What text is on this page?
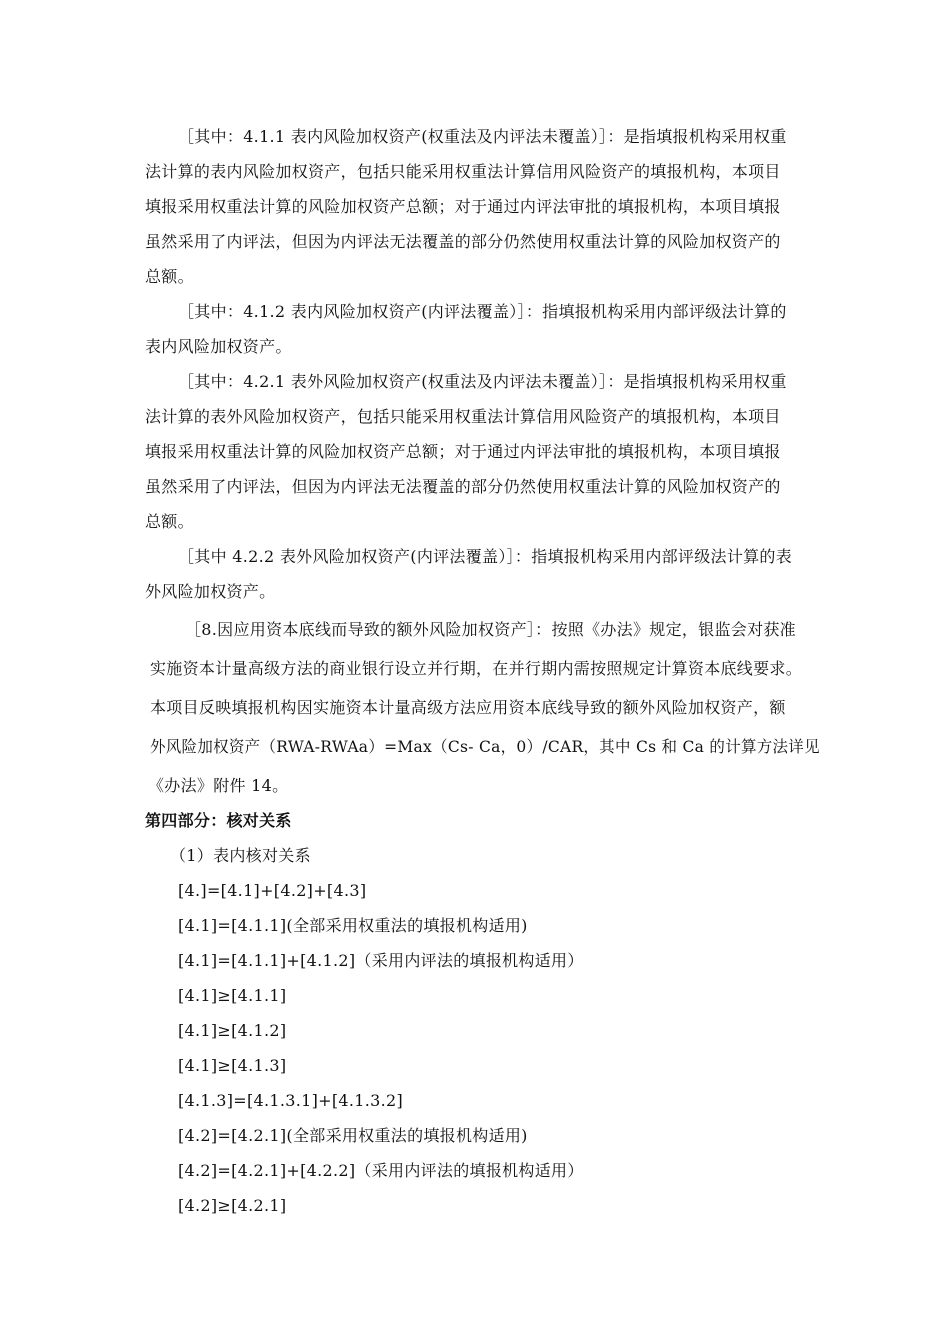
［其中：4.1.1 表内风险加权资产(权重法及内评法未覆盖）］：是指填报机构采用权重
法计算的表内风险加权资产，包括只能采用权重法计算信用风险资产的填报机构，本项目
填报采用权重法计算的风险加权资产总额；对于通过内评法审批的填报机构，本项目填报
虽然采用了内评法，但因为内评法无法覆盖的部分仍然使用权重法计算的风险加权资产的
总额。
［其中：4.1.2 表内风险加权资产(内评法覆盖）］：指填报机构采用内部评级法计算的
表内风险加权资产。
［其中：4.2.1 表外风险加权资产(权重法及内评法未覆盖）］：是指填报机构采用权重
法计算的表外风险加权资产，包括只能采用权重法计算信用风险资产的填报机构，本项目
填报采用权重法计算的风险加权资产总额；对于通过内评法审批的填报机构，本项目填报
虽然采用了内评法，但因为内评法无法覆盖的部分仍然使用权重法计算的风险加权资产的
总额。
［其中 4.2.2 表外风险加权资产(内评法覆盖）］：指填报机构采用内部评级法计算的表
外风险加权资产。
［8.因应用资本底线而导致的额外风险加权资产］：按照《办法》规定，银监会对获准
实施资本计量高级方法的商业银行设立并行期，在并行期内需按照规定计算资本底线要求。
本项目反映填报机构因实施资本计量高级方法应用资本底线导致的额外风险加权资产，额
外风险加权资产（RWA-RWAa）=Max（Cs- Ca，0）/CAR，其中 Cs 和 Ca 的计算方法详见
《办法》附件 14。
第四部分：核对关系
（1）表内核对关系
[4.]=[4.1]+[4.2]+[4.3]
[4.1]=[4.1.1](全部采用权重法的填报机构适用)
[4.1]=[4.1.1]+[4.1.2]（采用内评法的填报机构适用）
[4.1]≥[4.1.1]
[4.1]≥[4.1.2]
[4.1]≥[4.1.3]
[4.1.3]=[4.1.3.1]+[4.1.3.2]
[4.2]=[4.2.1](全部采用权重法的填报机构适用)
[4.2]=[4.2.1]+[4.2.2]（采用内评法的填报机构适用）
[4.2]≥[4.2.1]
